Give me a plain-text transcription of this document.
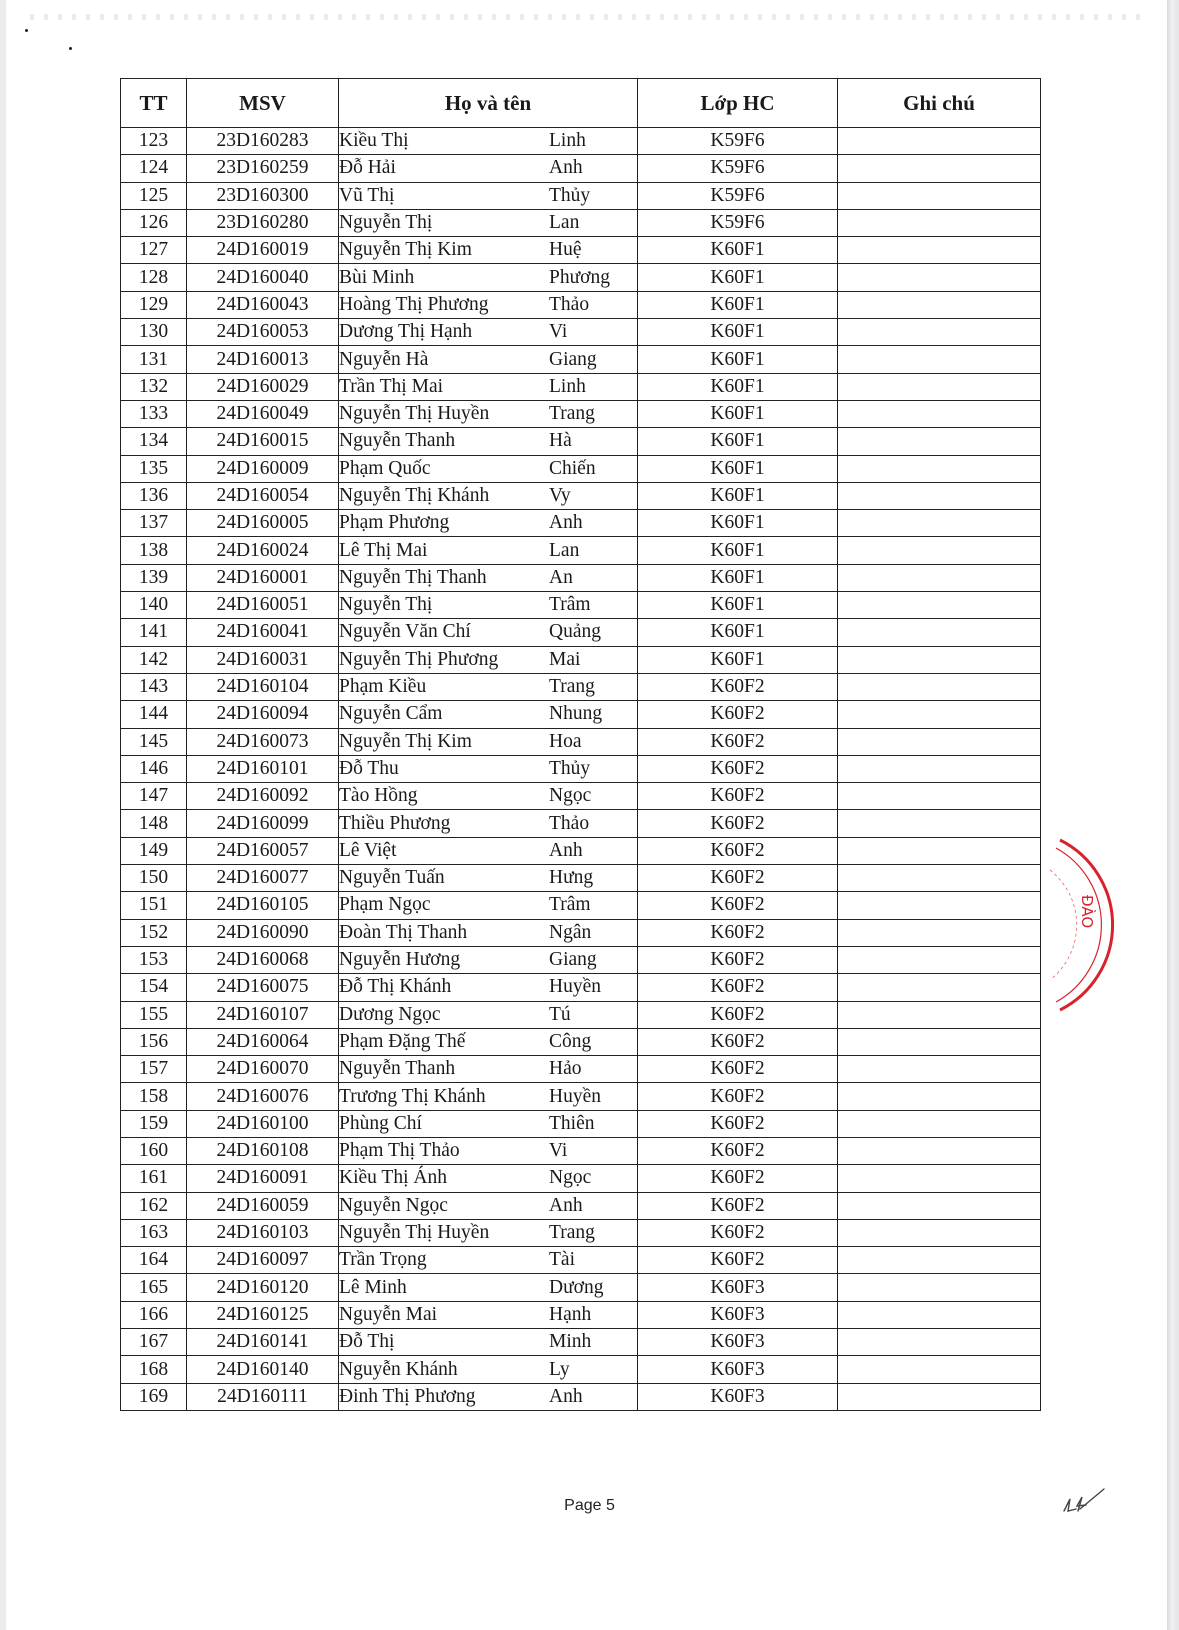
TT	MSV	Họ và tên	Lớp HC	Ghi chú
123	23D160283	Kiều Thị Linh	K59F6	
124	23D160259	Đỗ Hải Anh	K59F6	
125	23D160300	Vũ Thị Thủy	K59F6	
126	23D160280	Nguyễn Thị Lan	K59F6	
127	24D160019	Nguyễn Thị Kim Huệ	K60F1	
128	24D160040	Bùi Minh Phương	K60F1	
129	24D160043	Hoàng Thị Phương Thảo	K60F1	
130	24D160053	Dương Thị Hạnh Vi	K60F1	
131	24D160013	Nguyễn Hà Giang	K60F1	
132	24D160029	Trần Thị Mai Linh	K60F1	
133	24D160049	Nguyễn Thị Huyền Trang	K60F1	
134	24D160015	Nguyễn Thanh Hà	K60F1	
135	24D160009	Phạm Quốc Chiến	K60F1	
136	24D160054	Nguyễn Thị Khánh Vy	K60F1	
137	24D160005	Phạm Phương Anh	K60F1	
138	24D160024	Lê Thị Mai Lan	K60F1	
139	24D160001	Nguyễn Thị Thanh An	K60F1	
140	24D160051	Nguyễn Thị Trâm	K60F1	
141	24D160041	Nguyễn Văn Chí Quảng	K60F1	
142	24D160031	Nguyễn Thị Phương Mai	K60F1	
143	24D160104	Phạm Kiều Trang	K60F2	
144	24D160094	Nguyễn Cẩm Nhung	K60F2	
145	24D160073	Nguyễn Thị Kim Hoa	K60F2	
146	24D160101	Đỗ Thu Thủy	K60F2	
147	24D160092	Tào Hồng Ngọc	K60F2	
148	24D160099	Thiều Phương Thảo	K60F2	
149	24D160057	Lê Việt Anh	K60F2	
150	24D160077	Nguyễn Tuấn Hưng	K60F2	
151	24D160105	Phạm Ngọc Trâm	K60F2	
152	24D160090	Đoàn Thị Thanh Ngân	K60F2	
153	24D160068	Nguyễn Hương Giang	K60F2	
154	24D160075	Đỗ Thị Khánh Huyền	K60F2	
155	24D160107	Dương Ngọc Tú	K60F2	
156	24D160064	Phạm Đặng Thế Công	K60F2	
157	24D160070	Nguyễn Thanh Hảo	K60F2	
158	24D160076	Trương Thị Khánh Huyền	K60F2	
159	24D160100	Phùng Chí Thiên	K60F2	
160	24D160108	Phạm Thị Thảo Vi	K60F2	
161	24D160091	Kiều Thị Ánh Ngọc	K60F2	
162	24D160059	Nguyễn Ngọc Anh	K60F2	
163	24D160103	Nguyễn Thị Huyền Trang	K60F2	
164	24D160097	Trần Trọng Tài	K60F2	
165	24D160120	Lê Minh Dương	K60F3	
166	24D160125	Nguyễn Mai Hạnh	K60F3	
167	24D160141	Đỗ Thị Minh	K60F3	
168	24D160140	Nguyễn Khánh Ly	K60F3	
169	24D160111	Đinh Thị Phương Anh	K60F3	
Page 5
ĐÀO
